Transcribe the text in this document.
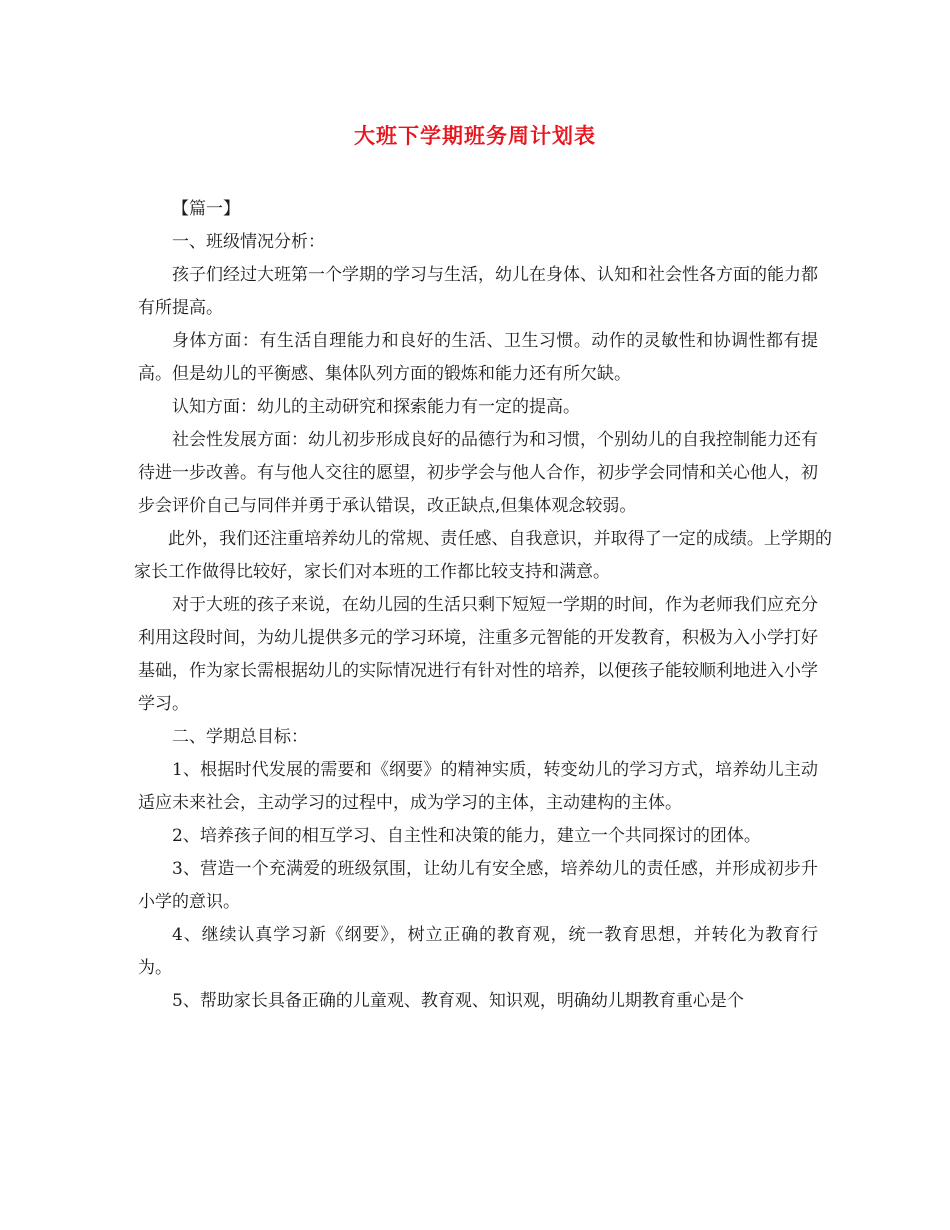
大班下学期班务周计划表

【篇一】

一、班级情况分析：

孩子们经过大班第一个学期的学习与生活，幼儿在身体、认知和社会性各方面的能力都有所提高。

身体方面：有生活自理能力和良好的生活、卫生习惯。动作的灵敏性和协调性都有提高。但是幼儿的平衡感、集体队列方面的锻炼和能力还有所欠缺。

认知方面：幼儿的主动研究和探索能力有一定的提高。

社会性发展方面：幼儿初步形成良好的品德行为和习惯，个别幼儿的自我控制能力还有待进一步改善。有与他人交往的愿望，初步学会与他人合作，初步学会同情和关心他人，初步会评价自己与同伴并勇于承认错误，改正缺点,但集体观念较弱。

此外，我们还注重培养幼儿的常规、责任感、自我意识，并取得了一定的成绩。上学期的家长工作做得比较好，家长们对本班的工作都比较支持和满意。

对于大班的孩子来说，在幼儿园的生活只剩下短短一学期的时间，作为老师我们应充分利用这段时间，为幼儿提供多元的学习环境，注重多元智能的开发教育，积极为入小学打好基础，作为家长需根据幼儿的实际情况进行有针对性的培养，以便孩子能较顺利地进入小学学习。

二、学期总目标：

1、根据时代发展的需要和《纲要》的精神实质，转变幼儿的学习方式，培养幼儿主动适应未来社会，主动学习的过程中，成为学习的主体，主动建构的主体。

2、培养孩子间的相互学习、自主性和决策的能力，建立一个共同探讨的团体。

3、营造一个充满爱的班级氛围，让幼儿有安全感，培养幼儿的责任感，并形成初步升小学的意识。

4、继续认真学习新《纲要》，树立正确的教育观，统一教育思想，并转化为教育行为。

5、帮助家长具备正确的儿童观、教育观、知识观，明确幼儿期教育重心是个
